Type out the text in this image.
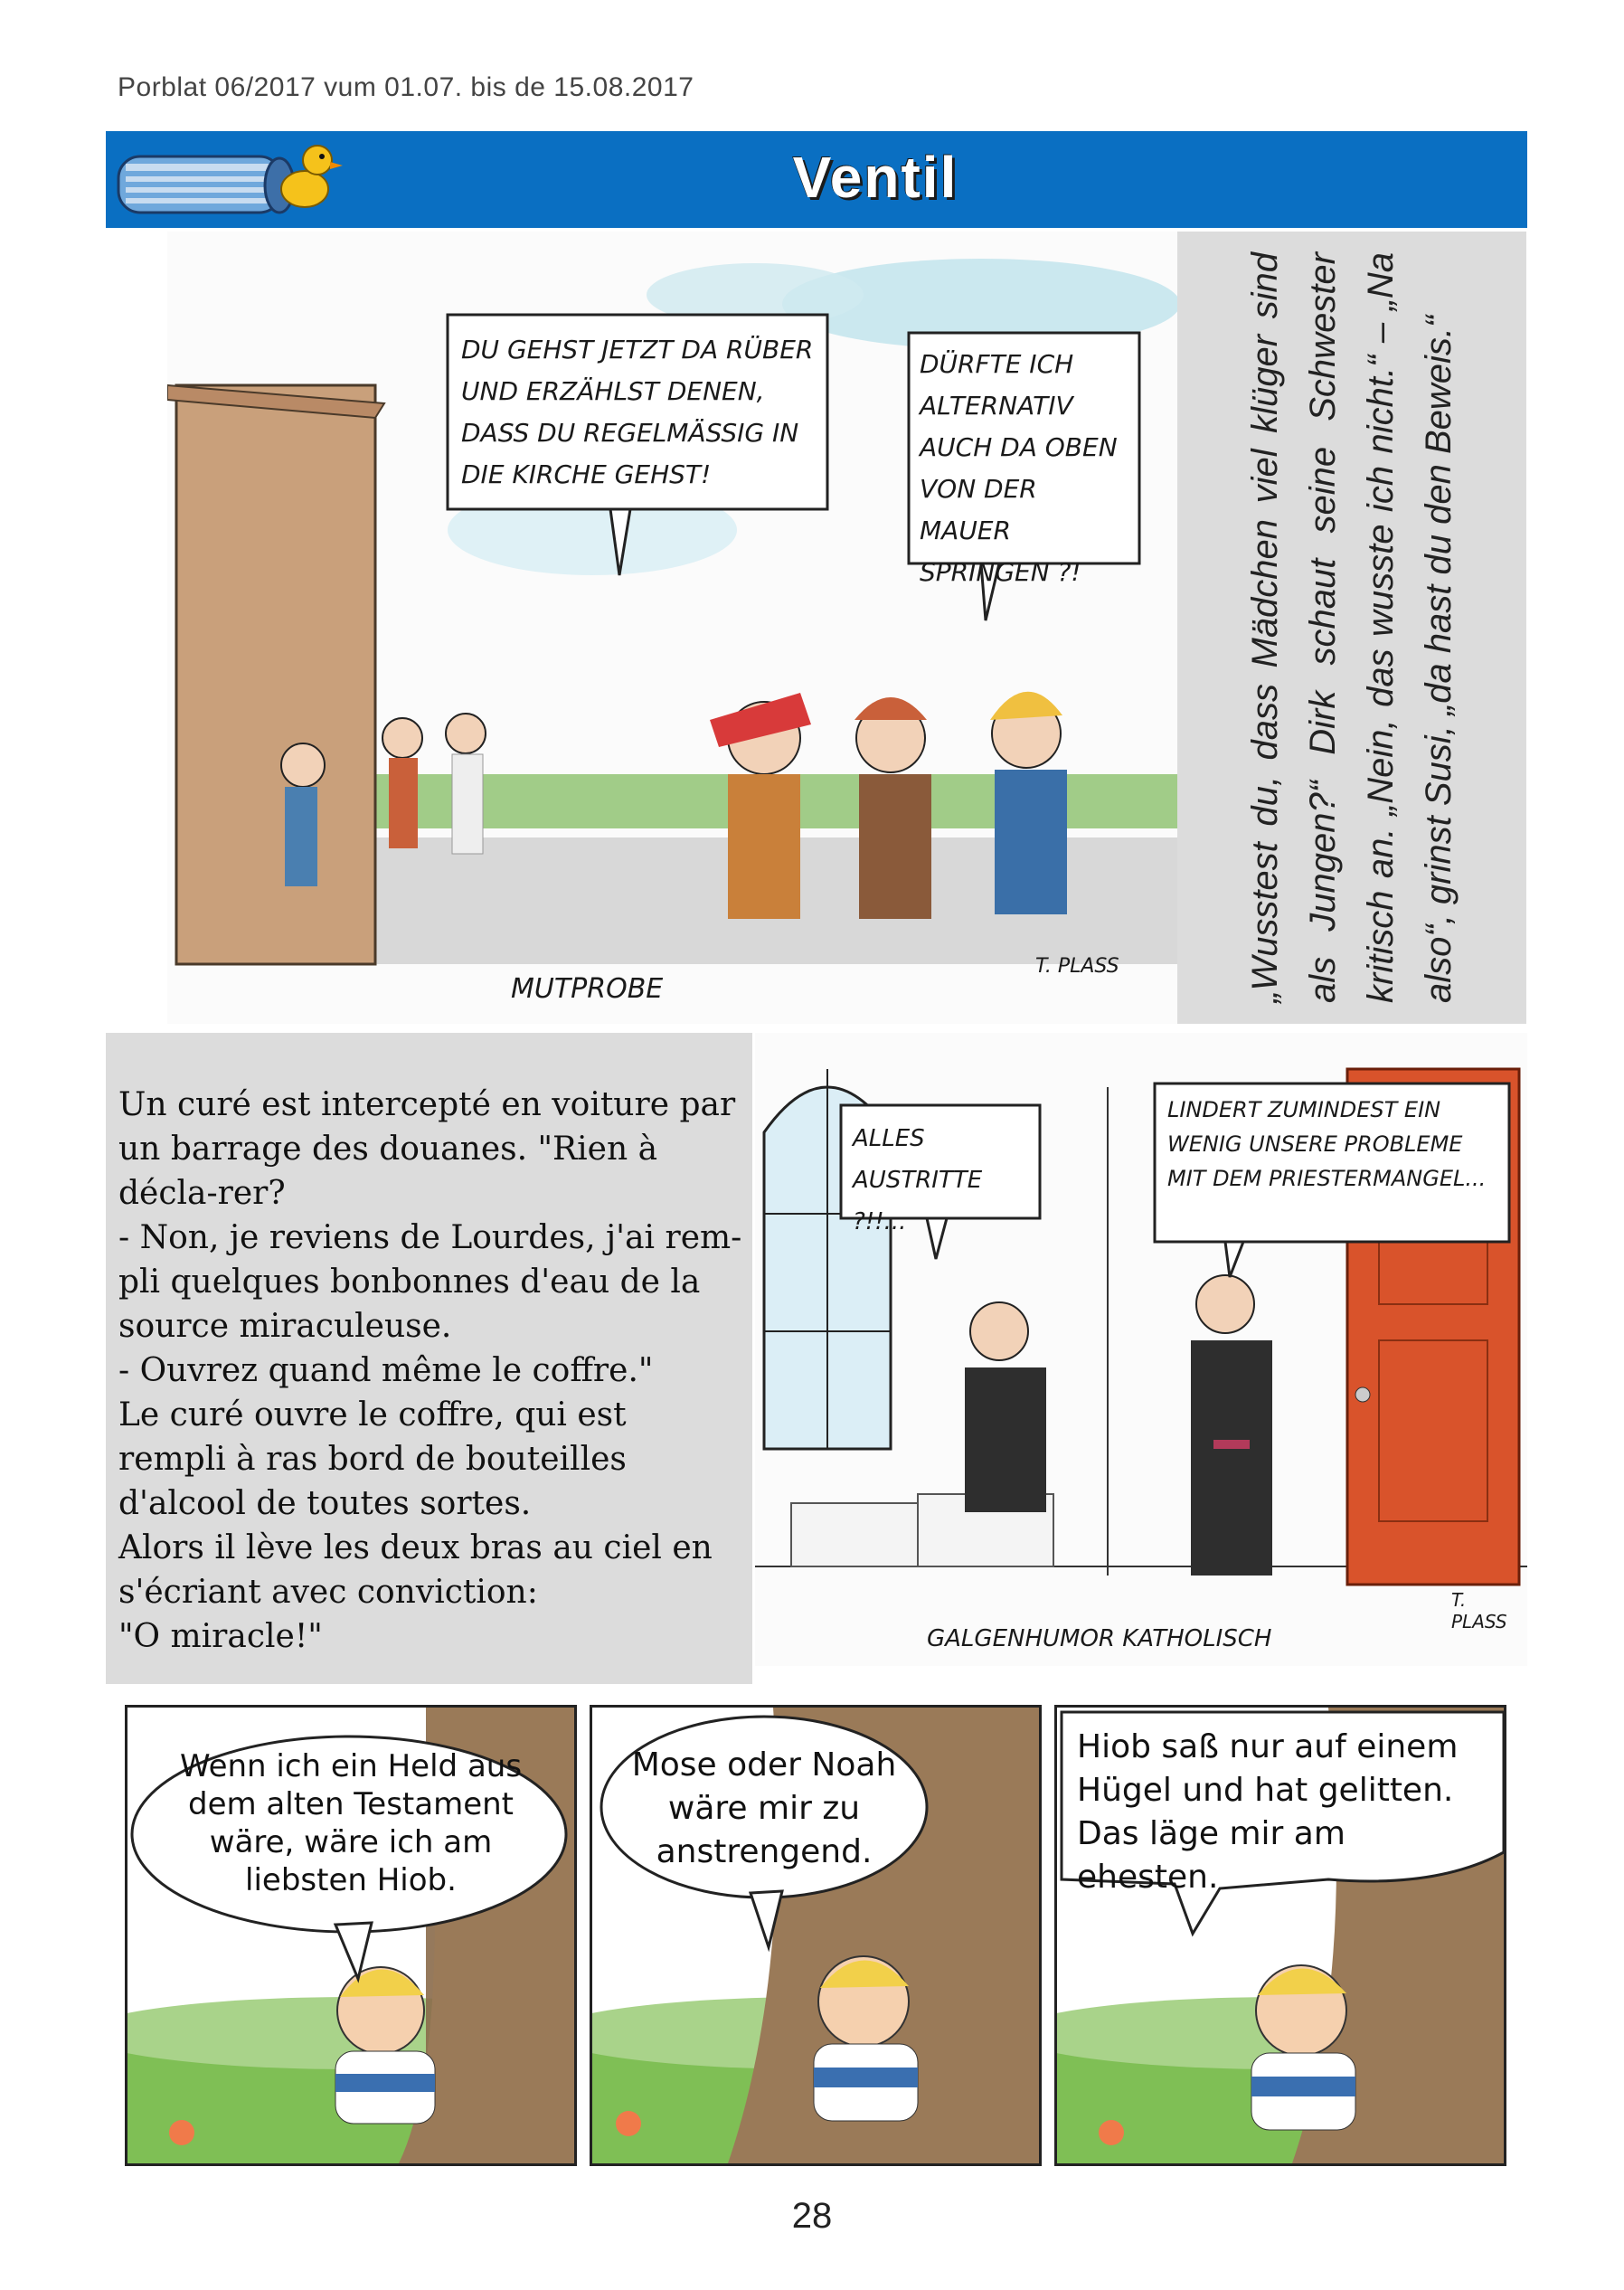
Porblat 06/2017 vum 01.07. bis de 15.08.2017
Ventil
DU GEHST JETZT DA RÜBER UND ERZÄHLST DENEN, DASS DU REGELMÄSSIG IN DIE KIRCHE GEHST!
DÜRFTE ICH ALTERNATIV AUCH DA OBEN VON DER MAUER SPRINGEN ?!
MUTPROBE
T. PLASS	„Wusstest du, dass Mädchen viel klüger sind als Jungen?“ Dirk schaut seine Schwester kritisch an. „Nein, das wusste ich nicht.“ – „Na also“, grinst Susi, „da hast du den Beweis.“
Un curé est intercepté en voiture par un barrage des douanes. "Rien à décla-rer?
- Non, je reviens de Lourdes, j'ai rem-pli quelques bonbonnes d'eau de la source miraculeuse.
- Ouvrez quand même le coffre."
Le curé ouvre le coffre, qui est rempli à ras bord de bouteilles d'alcool de toutes sortes.
Alors il lève les deux bras au ciel en s'écriant avec conviction:
"O miracle!"
ALLES AUSTRITTE ?!!...
LINDERT ZUMINDEST EIN WENIG UNSERE PROBLEME MIT DEM PRIESTERMANGEL...
GALGENHUMOR KATHOLISCH
T. PLASS
Wenn ich ein Held aus dem alten Testament wäre, wäre ich am liebsten Hiob.
Mose oder Noah wäre mir zu anstrengend.
Hiob saß nur auf einem Hügel und hat gelitten. Das läge mir am ehesten.
28
